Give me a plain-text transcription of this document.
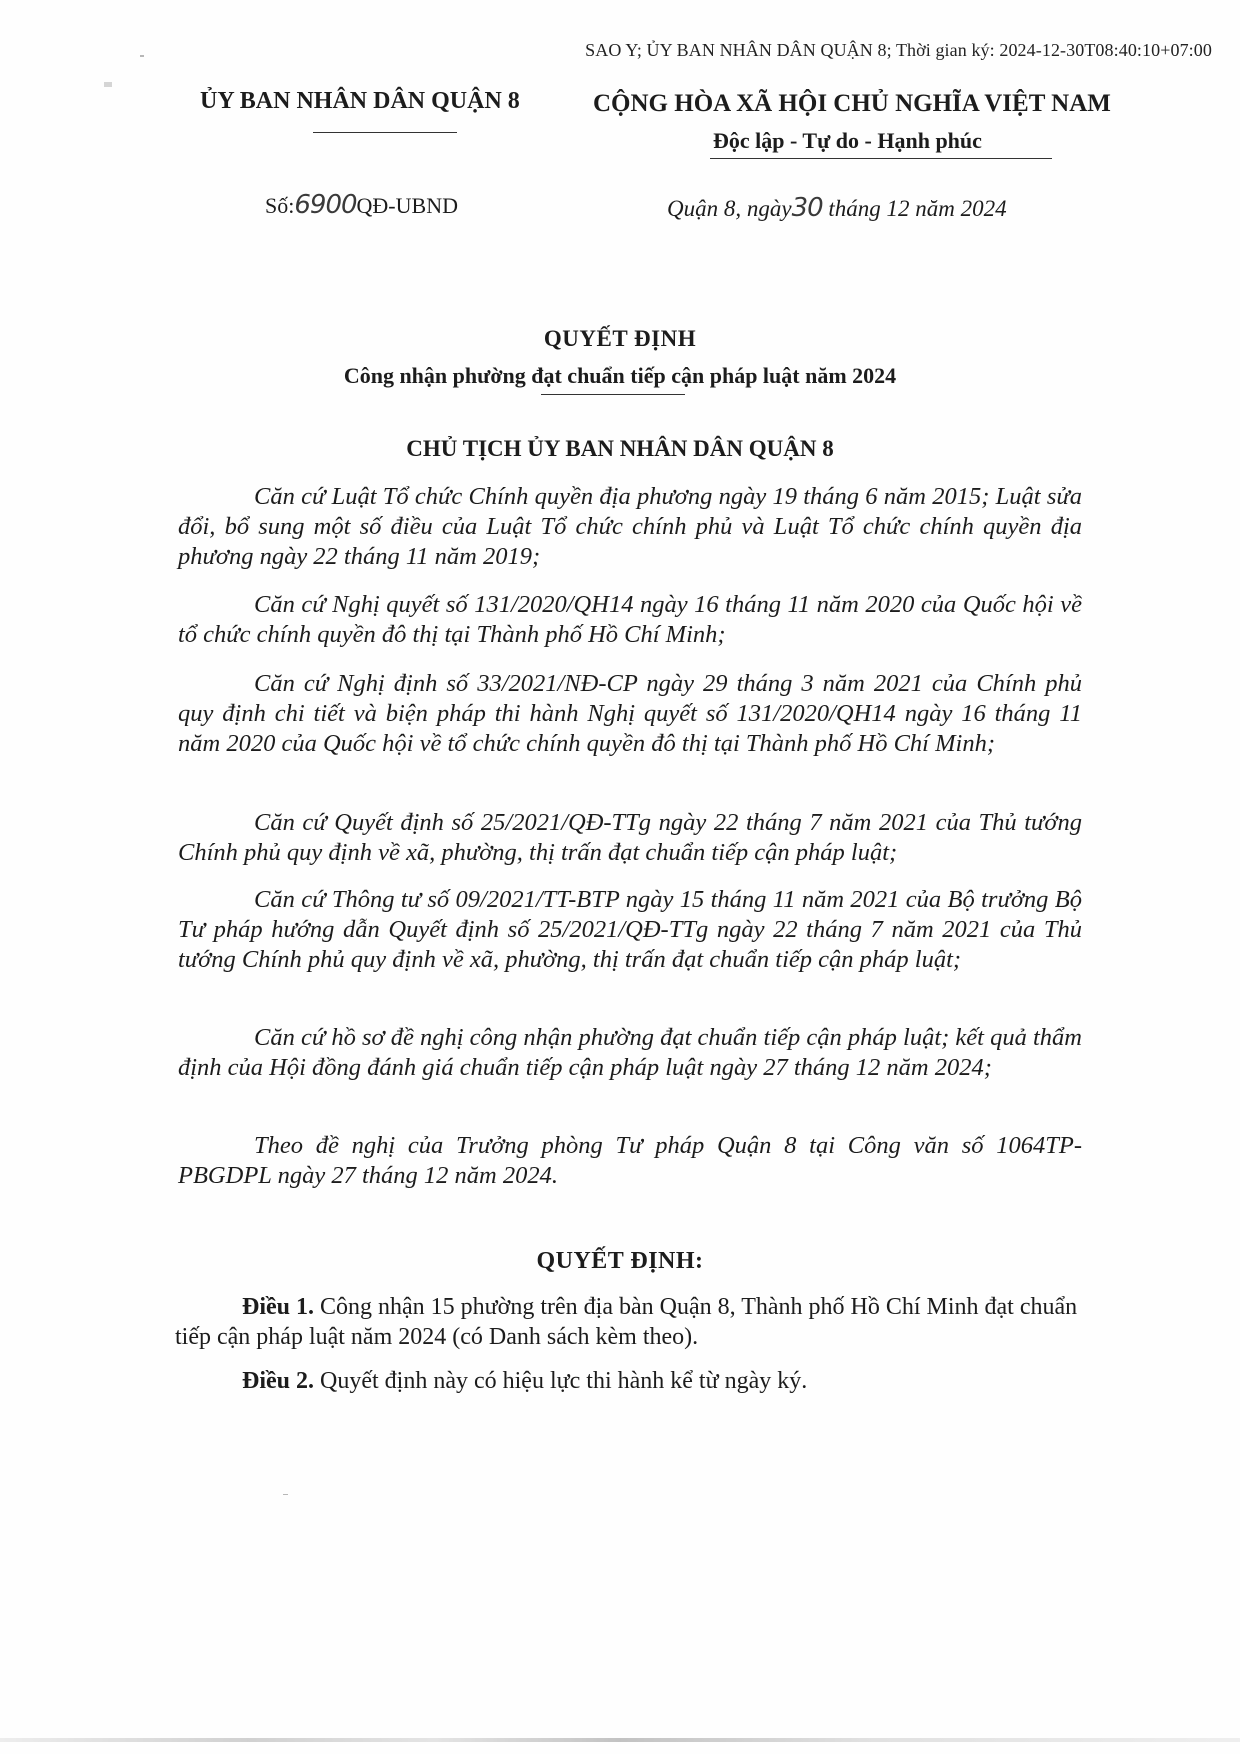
SAO Y; ỦY BAN NHÂN DÂN QUẬN 8; Thời gian ký: 2024-12-30T08:40:10+07:00
ỦY BAN NHÂN DÂN QUẬN 8	CỘNG HÒA XÃ HỘI CHỦ NGHĨA VIỆT NAM
Độc lập - Tự do - Hạnh phúc
Số:6900QĐ-UBND	Quận 8, ngày30 tháng 12 năm 2024
QUYẾT ĐỊNH
Công nhận phường đạt chuẩn tiếp cận pháp luật năm 2024
CHỦ TỊCH ỦY BAN NHÂN DÂN QUẬN 8
Căn cứ Luật Tổ chức Chính quyền địa phương ngày 19 tháng 6 năm 2015; Luật sửa đổi, bổ sung một số điều của Luật Tổ chức chính phủ và Luật Tổ chức chính quyền địa phương ngày 22 tháng 11 năm 2019;
Căn cứ Nghị quyết số 131/2020/QH14 ngày 16 tháng 11 năm 2020 của Quốc hội về tổ chức chính quyền đô thị tại Thành phố Hồ Chí Minh;
Căn cứ Nghị định số 33/2021/NĐ-CP ngày 29 tháng 3 năm 2021 của Chính phủ quy định chi tiết và biện pháp thi hành Nghị quyết số 131/2020/QH14 ngày 16 tháng 11 năm 2020 của Quốc hội về tổ chức chính quyền đô thị tại Thành phố Hồ Chí Minh;
Căn cứ Quyết định số 25/2021/QĐ-TTg ngày 22 tháng 7 năm 2021 của Thủ tướng Chính phủ quy định về xã, phường, thị trấn đạt chuẩn tiếp cận pháp luật;
Căn cứ Thông tư số 09/2021/TT-BTP ngày 15 tháng 11 năm 2021 của Bộ trưởng Bộ Tư pháp hướng dẫn Quyết định số 25/2021/QĐ-TTg ngày 22 tháng 7 năm 2021 của Thủ tướng Chính phủ quy định về xã, phường, thị trấn đạt chuẩn tiếp cận pháp luật;
Căn cứ hồ sơ đề nghị công nhận phường đạt chuẩn tiếp cận pháp luật; kết quả thẩm định của Hội đồng đánh giá chuẩn tiếp cận pháp luật ngày 27 tháng 12 năm 2024;
Theo đề nghị của Trưởng phòng Tư pháp Quận 8 tại Công văn số 1064TP-PBGDPL ngày 27 tháng 12 năm 2024.
QUYẾT ĐỊNH:
Điều 1. Công nhận 15 phường trên địa bàn Quận 8, Thành phố Hồ Chí Minh đạt chuẩn tiếp cận pháp luật năm 2024 (có Danh sách kèm theo).
Điều 2. Quyết định này có hiệu lực thi hành kể từ ngày ký.
